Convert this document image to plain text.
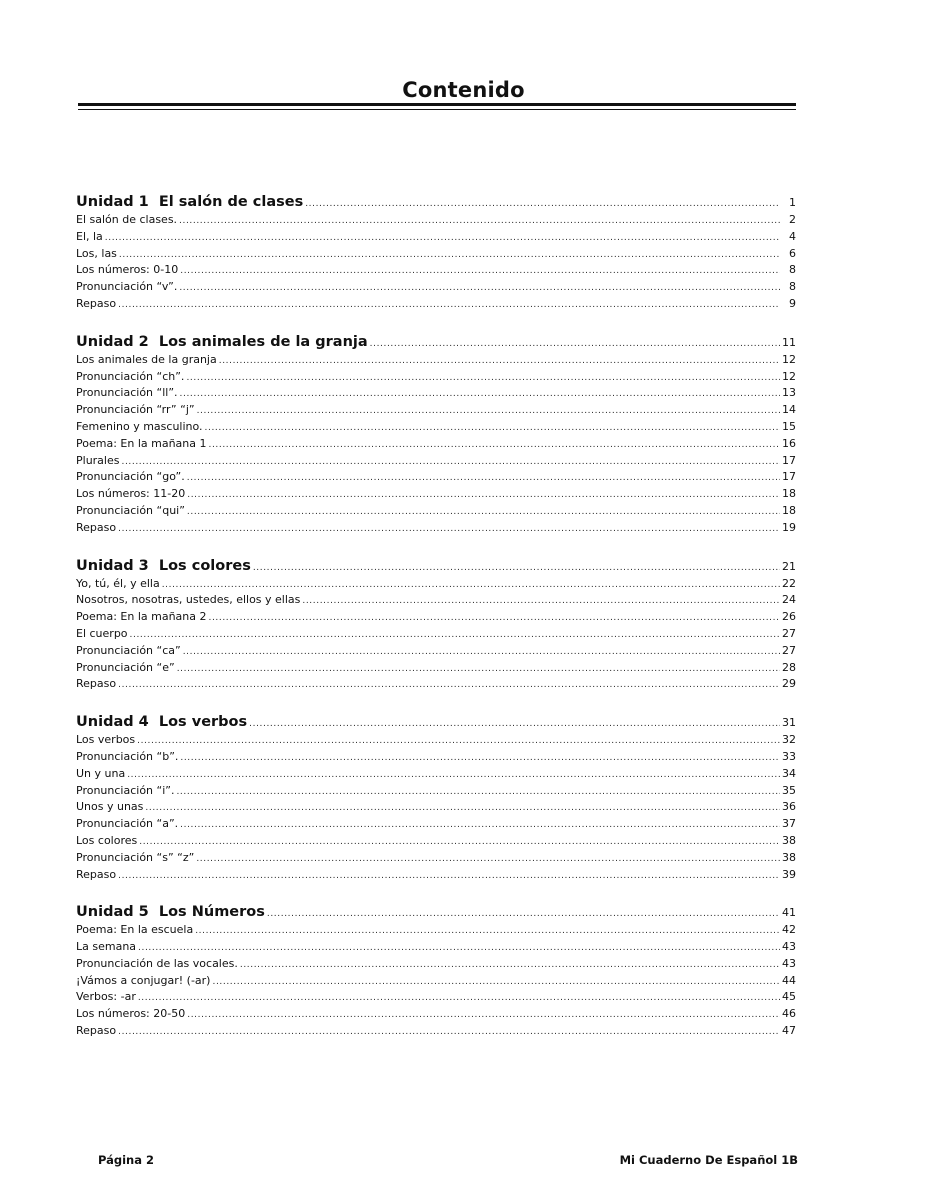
Contenido
Unidad 1 El salón de clases .....	1
El salón de clases. .....	2
El, la .....	4
Los, las .....	6
Los números: 0-10 .....	8
Pronunciación “v”. .....	8
Repaso .....	9
Unidad 2 Los animales de la granja .....	11
Los animales de la granja .....	12
Pronunciación “ch”. .....	12
Pronunciación “ll”. .....	13
Pronunciación “rr” “j” .....	14
Femenino y masculino. .....	15
Poema: En la mañana 1 .....	16
Plurales .....	17
Pronunciación “go”. .....	17
Los números: 11-20 .....	18
Pronunciación “qui” .....	18
Repaso .....	19
Unidad 3 Los colores .....	21
Yo, tú, él, y ella .....	22
Nosotros, nosotras, ustedes, ellos y ellas .....	24
Poema: En la mañana 2 .....	26
El cuerpo .....	27
Pronunciación “ca” .....	27
Pronunciación “e” .....	28
Repaso .....	29
Unidad 4 Los verbos .....	31
Los verbos .....	32
Pronunciación “b”. .....	33
Un y una .....	34
Pronunciación “i”. .....	35
Unos y unas .....	36
Pronunciación “a”. .....	37
Los colores .....	38
Pronunciación “s” “z” .....	38
Repaso .....	39
Unidad 5 Los Números .....	41
Poema: En la escuela .....	42
La semana .....	43
Pronunciación de las vocales. .....	43
¡Vámos a conjugar! (-ar) .....	44
Verbos: -ar .....	45
Los números: 20-50 .....	46
Repaso .....	47
Página 2	Mi Cuaderno De Español 1B
